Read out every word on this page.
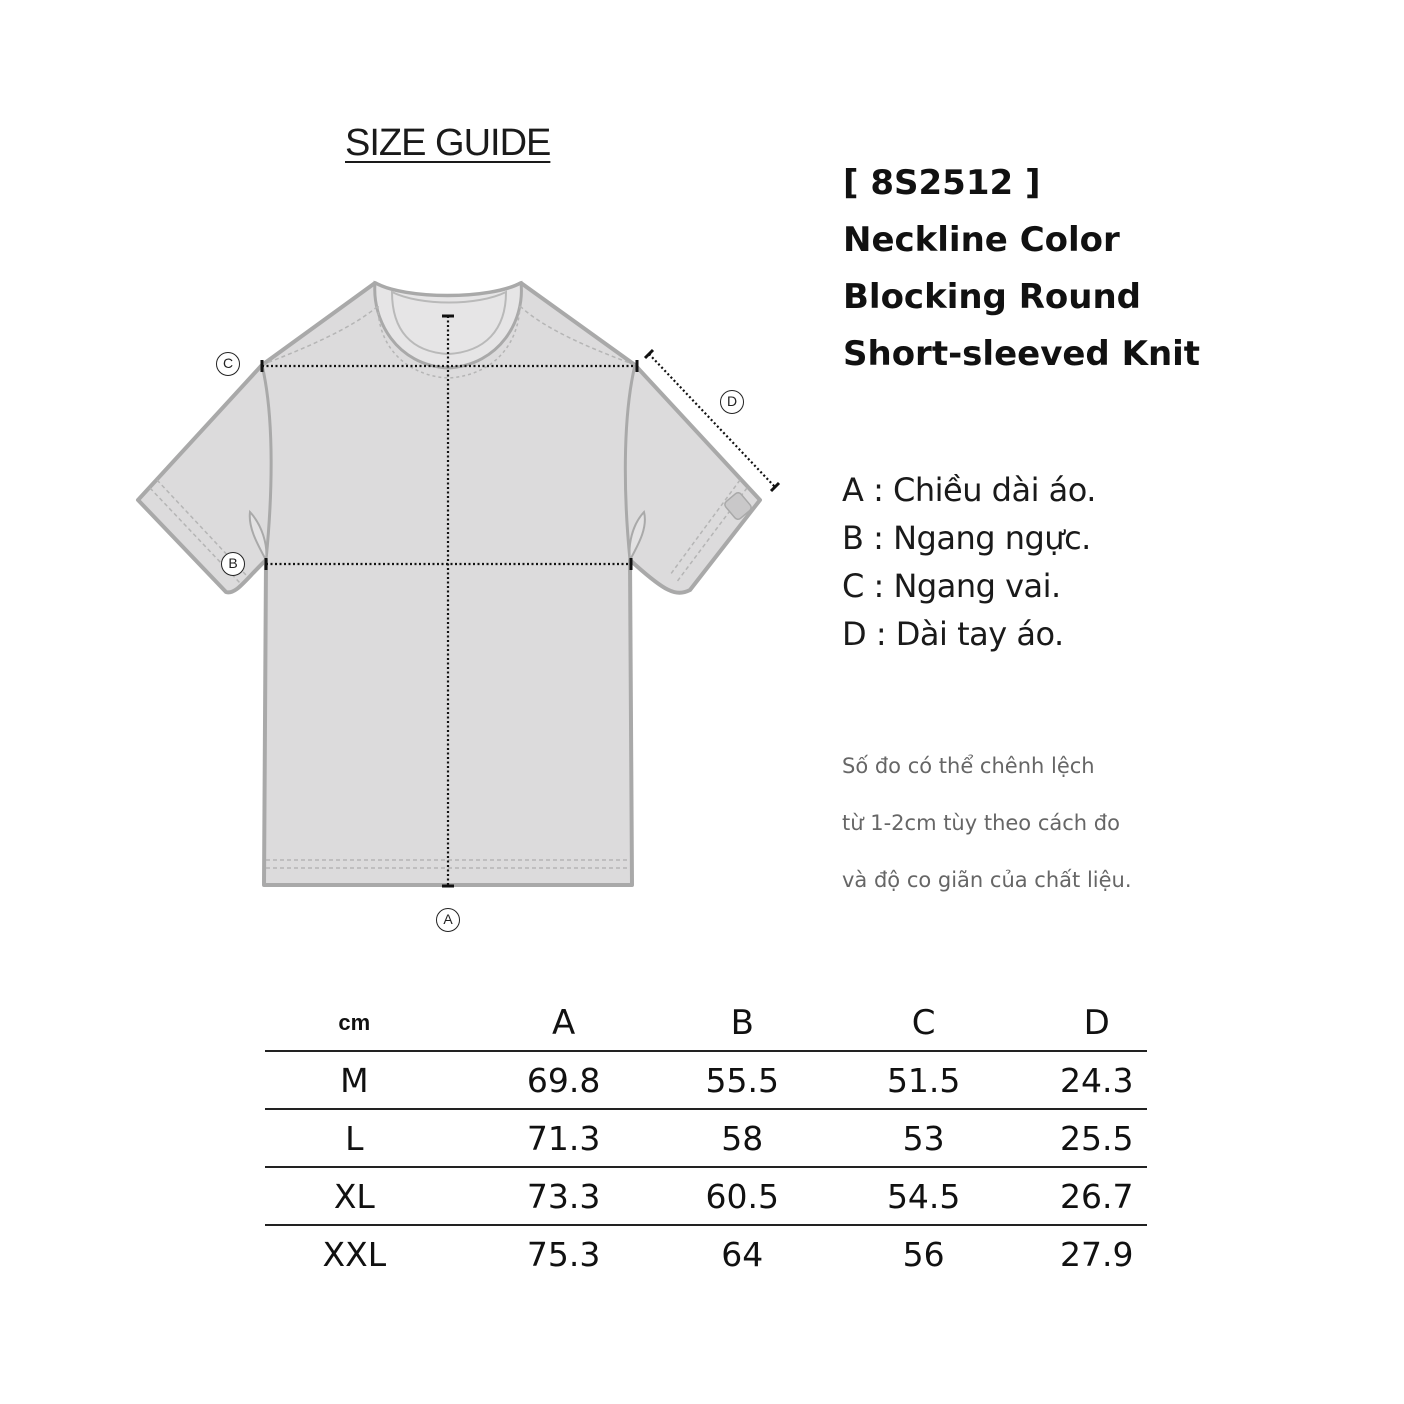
SIZE GUIDE
A
B
C
D
[ 8S2512 ]
Neckline Color
Blocking Round
Short-sleeved Knit
A : Chiều dài áo.
B : Ngang ngực.
C : Ngang vai.
D : Dài tay áo.
Số đo có thể chênh lệch
từ 1-2cm tùy theo cách đo
và độ co giãn của chất liệu.
cm	A	B	C	D
M	69.8	55.5	51.5	24.3
L	71.3	58	53	25.5
XL	73.3	60.5	54.5	26.7
XXL	75.3	64	56	27.9
